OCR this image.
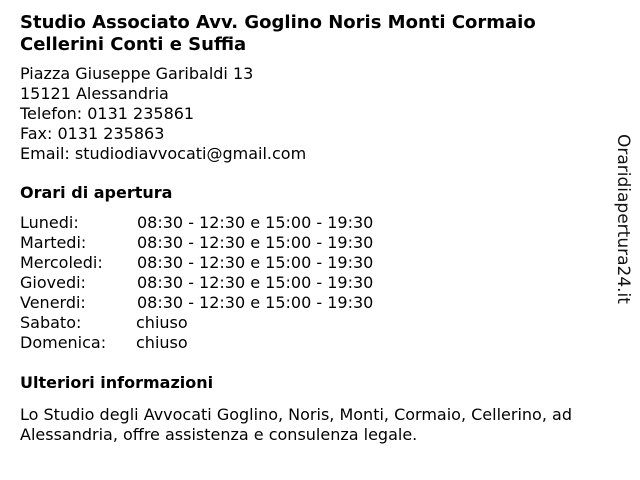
Studio Associato Avv. Goglino Noris Monti Cormaio Cellerini Conti e Suffia
Piazza Giuseppe Garibaldi 13
15121 Alessandria
Telefon: 0131 235861
Fax: 0131 235863
Email: studiodiavvocati@gmail.com
Orari di apertura
Lunedi:	08:30 - 12:30 e 15:00 - 19:30
Martedi:	08:30 - 12:30 e 15:00 - 19:30
Mercoledi: 08:30 - 12:30 e 15:00 - 19:30
Giovedi:	08:30 - 12:30 e 15:00 - 19:30
Venerdi:	08:30 - 12:30 e 15:00 - 19:30
Sabato:	chiuso
Domenica: chiuso
Ulteriori informazioni
Lo Studio degli Avvocati Goglino, Noris, Monti, Cormaio, Cellerino, ad
Alessandria, offre assistenza e consulenza legale.
Oraridiapertura24.it
